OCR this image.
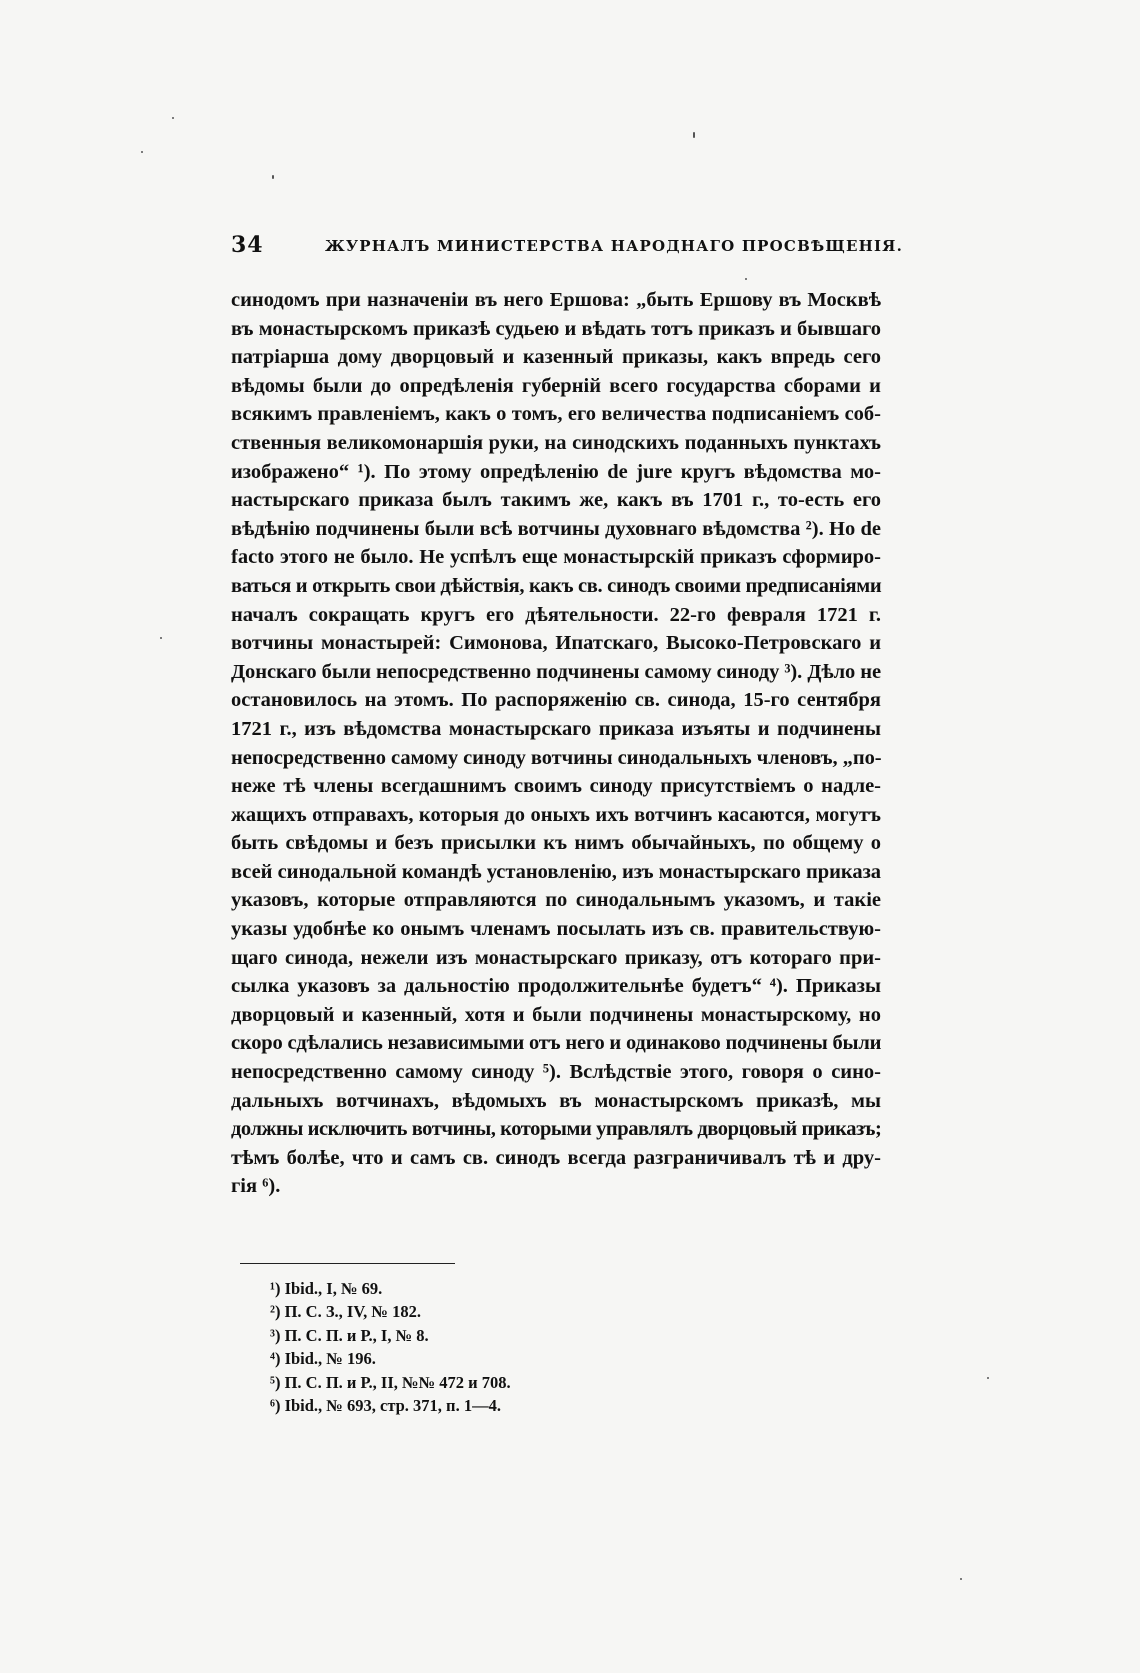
34	ЖУРНАЛЪ МИНИСТЕРСТВА НАРОДНАГО ПРОСВѢЩЕНІЯ.
синодомъ при назначеніи въ него Ершова: „быть Ершову въ Москвѣ
въ монастырскомъ приказѣ судьею и вѣдать тотъ приказъ и бывшаго
патріарша дому дворцовый и казенный приказы, какъ впредь сего
вѣдомы были до опредѣленія губерній всего государства сборами и
всякимъ правленіемъ, какъ о томъ, его величества подписаніемъ соб-
ственныя великомонаршія руки, на синодскихъ поданныхъ пунктахъ
изображено“ ¹). По этому опредѣленію de jure кругъ вѣдомства мо-
настырскаго приказа былъ такимъ же, какъ въ 1701 г., то-есть его
вѣдѣнію подчинены были всѣ вотчины духовнаго вѣдомства ²). Но de
facto этого не было. Не успѣлъ еще монастырскій приказъ сформиро-
ваться и открыть свои дѣйствія, какъ св. синодъ своими предписаніями
началъ сокращать кругъ его дѣятельности. 22-го февраля 1721 г.
вотчины монастырей: Симонова, Ипатскаго, Высоко-Петровскаго и
Донскаго были непосредственно подчинены самому синоду ³). Дѣло не
остановилось на этомъ. По распоряженію св. синода, 15-го сентября
1721 г., изъ вѣдомства монастырскаго приказа изъяты и подчинены
непосредственно самому синоду вотчины синодальныхъ членовъ, „по-
неже тѣ члены всегдашнимъ своимъ синоду присутствіемъ о надле-
жащихъ отправахъ, которыя до оныхъ ихъ вотчинъ касаются, могутъ
быть свѣдомы и безъ присылки къ нимъ обычайныхъ, по общему о
всей синодальной командѣ установленію, изъ монастырскаго приказа
указовъ, которые отправляются по синодальнымъ указомъ, и такіе
указы удобнѣе ко онымъ членамъ посылать изъ св. правительствую-
щаго синода, нежели изъ монастырскаго приказу, отъ котораго при-
сылка указовъ за дальностію продолжительнѣе будетъ“ ⁴). Приказы
дворцовый и казенный, хотя и были подчинены монастырскому, но
скоро сдѣлались независимыми отъ него и одинаково подчинены были
непосредственно самому синоду ⁵). Вслѣдствіе этого, говоря о сино-
дальныхъ вотчинахъ, вѣдомыхъ въ монастырскомъ приказѣ, мы
должны исключить вотчины, которыми управлялъ дворцовый приказъ;
тѣмъ болѣе, что и самъ св. синодъ всегда разграничивалъ тѣ и дру-
гія ⁶).
¹) Ibid., I, № 69.
²) П. С. З., IV, № 182.
³) П. С. П. и Р., I, № 8.
⁴) Ibid., № 196.
⁵) П. С. П. и Р., II, №№ 472 и 708.
⁶) Ibid., № 693, стр. 371, п. 1—4.
